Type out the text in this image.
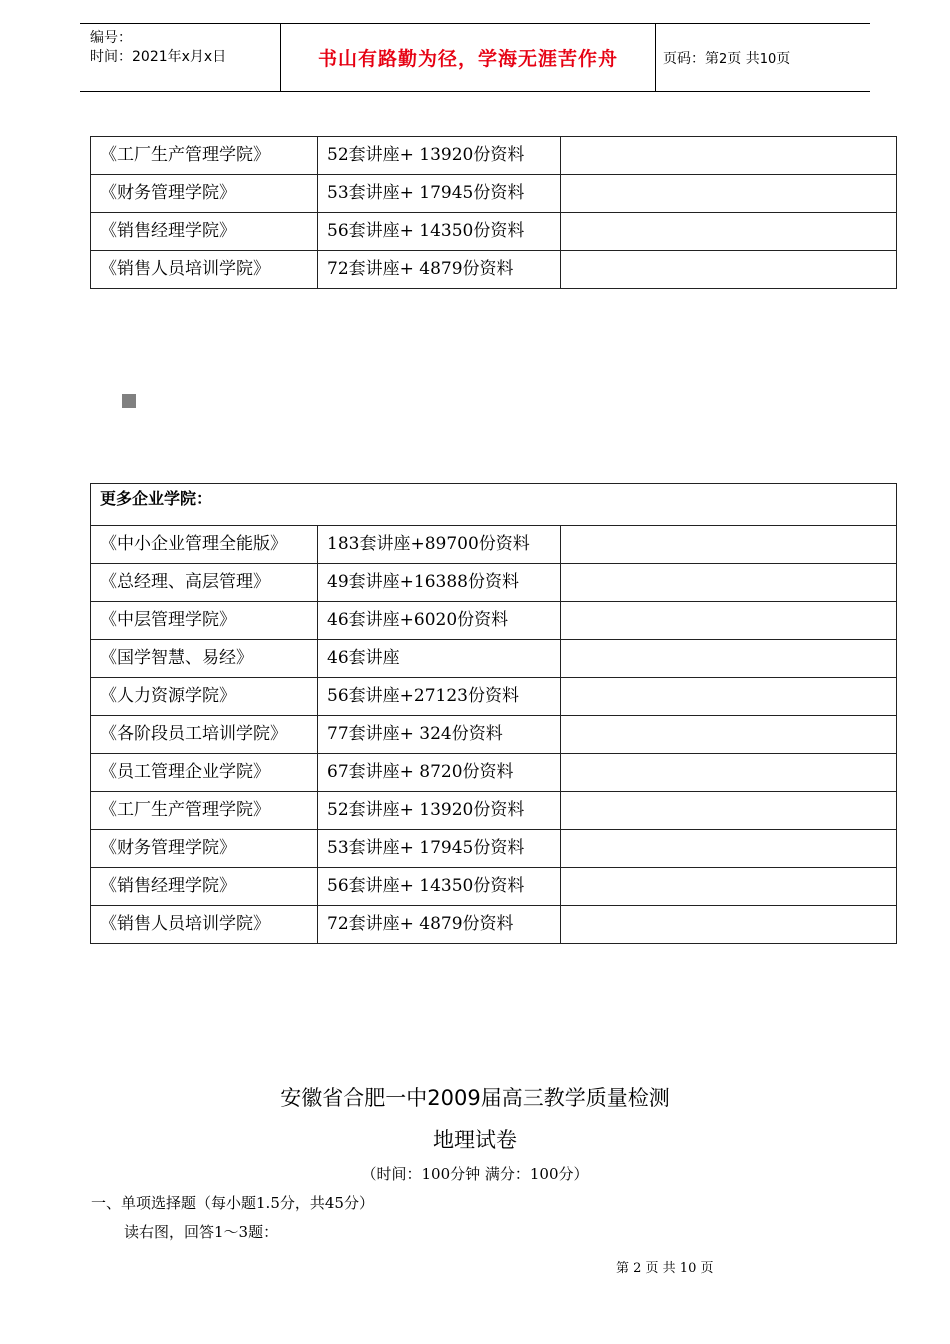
编号：
时间：2021年x月x日	书山有路勤为径，学海无涯苦作舟	页码：第2页 共10页
《工厂生产管理学院》	52套讲座+ 13920份资料	
《财务管理学院》	53套讲座+ 17945份资料	
《销售经理学院》	56套讲座+ 14350份资料	
《销售人员培训学院》	72套讲座+ 4879份资料	
更多企业学院：		
《中小企业管理全能版》	183套讲座+89700份资料	
《总经理、高层管理》	49套讲座+16388份资料	
《中层管理学院》	46套讲座+6020份资料	
《国学智慧、易经》	46套讲座	
《人力资源学院》	56套讲座+27123份资料	
《各阶段员工培训学院》	77套讲座+ 324份资料	
《员工管理企业学院》	67套讲座+ 8720份资料	
《工厂生产管理学院》	52套讲座+ 13920份资料	
《财务管理学院》	53套讲座+ 17945份资料	
《销售经理学院》	56套讲座+ 14350份资料	
《销售人员培训学院》	72套讲座+ 4879份资料	
安徽省合肥一中2009届高三教学质量检测
地理试卷
（时间：100分钟 满分：100分）
一、单项选择题（每小题1.5分，共45分）
读右图，回答1～3题：
第 2 页 共 10 页
